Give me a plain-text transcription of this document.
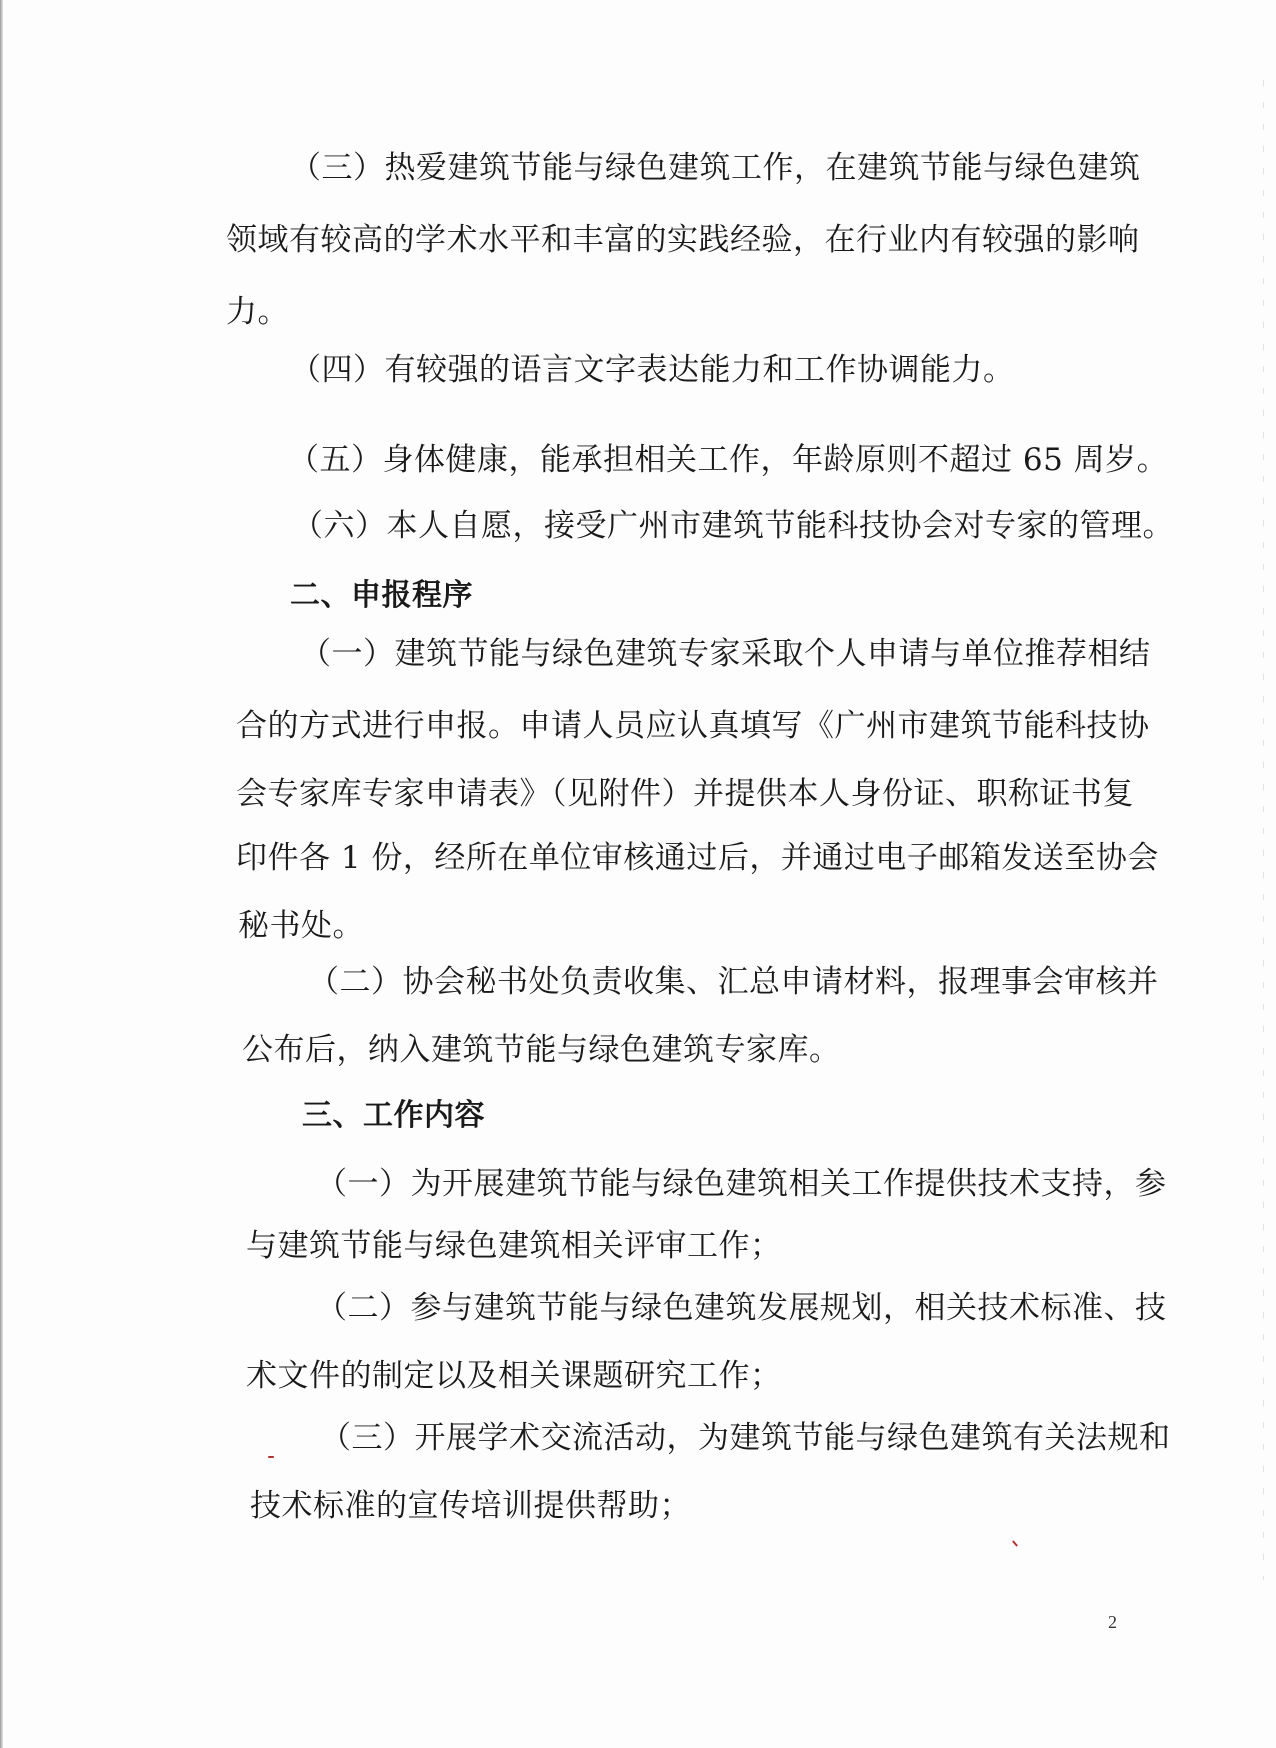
（三）热爱建筑节能与绿色建筑工作，在建筑节能与绿色建筑
领域有较高的学术水平和丰富的实践经验，在行业内有较强的影响
力。
（四）有较强的语言文字表达能力和工作协调能力。
（五）身体健康，能承担相关工作，年龄原则不超过 65 周岁。
（六）本人自愿，接受广州市建筑节能科技协会对专家的管理。
二、申报程序
（一）建筑节能与绿色建筑专家采取个人申请与单位推荐相结
合的方式进行申报。申请人员应认真填写《广州市建筑节能科技协
会专家库专家申请表》（见附件）并提供本人身份证、职称证书复
印件各 1 份，经所在单位审核通过后，并通过电子邮箱发送至协会
秘书处。
（二）协会秘书处负责收集、汇总申请材料，报理事会审核并
公布后，纳入建筑节能与绿色建筑专家库。
三、工作内容
（一）为开展建筑节能与绿色建筑相关工作提供技术支持，参
与建筑节能与绿色建筑相关评审工作；
（二）参与建筑节能与绿色建筑发展规划，相关技术标准、技
术文件的制定以及相关课题研究工作；
（三）开展学术交流活动，为建筑节能与绿色建筑有关法规和
技术标准的宣传培训提供帮助；
2
